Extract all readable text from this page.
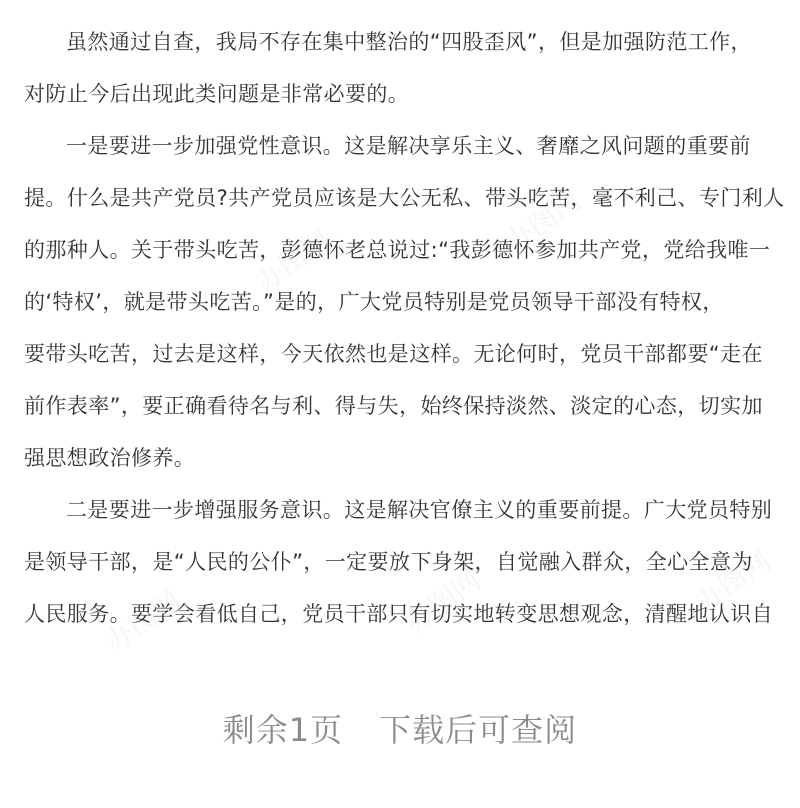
虽然通过自查，我局不存在集中整治的“四股歪风”，但是加强防范工作，
对防止今后出现此类问题是非常必要的。
一是要进一步加强党性意识。这是解决享乐主义、奢靡之风问题的重要前
提。什么是共产党员?共产党员应该是大公无私、带头吃苦，毫不利己、专门利人
的那种人。关于带头吃苦，彭德怀老总说过:“我彭德怀参加共产党，党给我唯一
的‘特权’，就是带头吃苦。”是的，广大党员特别是党员领导干部没有特权，
要带头吃苦，过去是这样，今天依然也是这样。无论何时，党员干部都要“走在
前作表率”，要正确看待名与利、得与失，始终保持淡然、淡定的心态，切实加
强思想政治修养。
二是要进一步增强服务意识。这是解决官僚主义的重要前提。广大党员特别
是领导干部，是“人民的公仆”，一定要放下身架，自觉融入群众，全心全意为
人民服务。要学会看低自己，党员干部只有切实地转变思想观念，清醒地认识自
剩余1页 下载后可查阅
